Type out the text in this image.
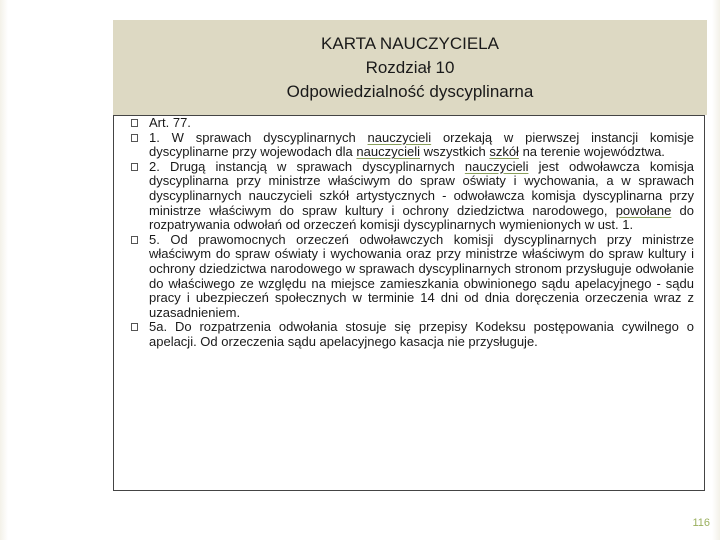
KARTA NAUCZYCIELA
Rozdział 10
Odpowiedzialność dyscyplinarna
Art. 77.
1. W sprawach dyscyplinarnych nauczycieli orzekają w pierwszej instancji komisje dyscyplinarne przy wojewodach dla nauczycieli wszystkich szkół na terenie województwa.
2. Drugą instancją w sprawach dyscyplinarnych nauczycieli jest odwoławcza komisja dyscyplinarna przy ministrze właściwym do spraw oświaty i wychowania, a w sprawach dyscyplinarnych nauczycieli szkół artystycznych - odwoławcza komisja dyscyplinarna przy ministrze właściwym do spraw kultury i ochrony dziedzictwa narodowego, powołane do rozpatrywania odwołań od orzeczeń komisji dyscyplinarnych wymienionych w ust. 1.
5. Od prawomocnych orzeczeń odwoławczych komisji dyscyplinarnych przy ministrze właściwym do spraw oświaty i wychowania oraz przy ministrze właściwym do spraw kultury i ochrony dziedzictwa narodowego w sprawach dyscyplinarnych stronom przysługuje odwołanie do właściwego ze względu na miejsce zamieszkania obwinionego sądu apelacyjnego - sądu pracy i ubezpieczeń społecznych w terminie 14 dni od dnia doręczenia orzeczenia wraz z uzasadnieniem.
5a. Do rozpatrzenia odwołania stosuje się przepisy Kodeksu postępowania cywilnego o apelacji. Od orzeczenia sądu apelacyjnego kasacja nie przysługuje.
116
